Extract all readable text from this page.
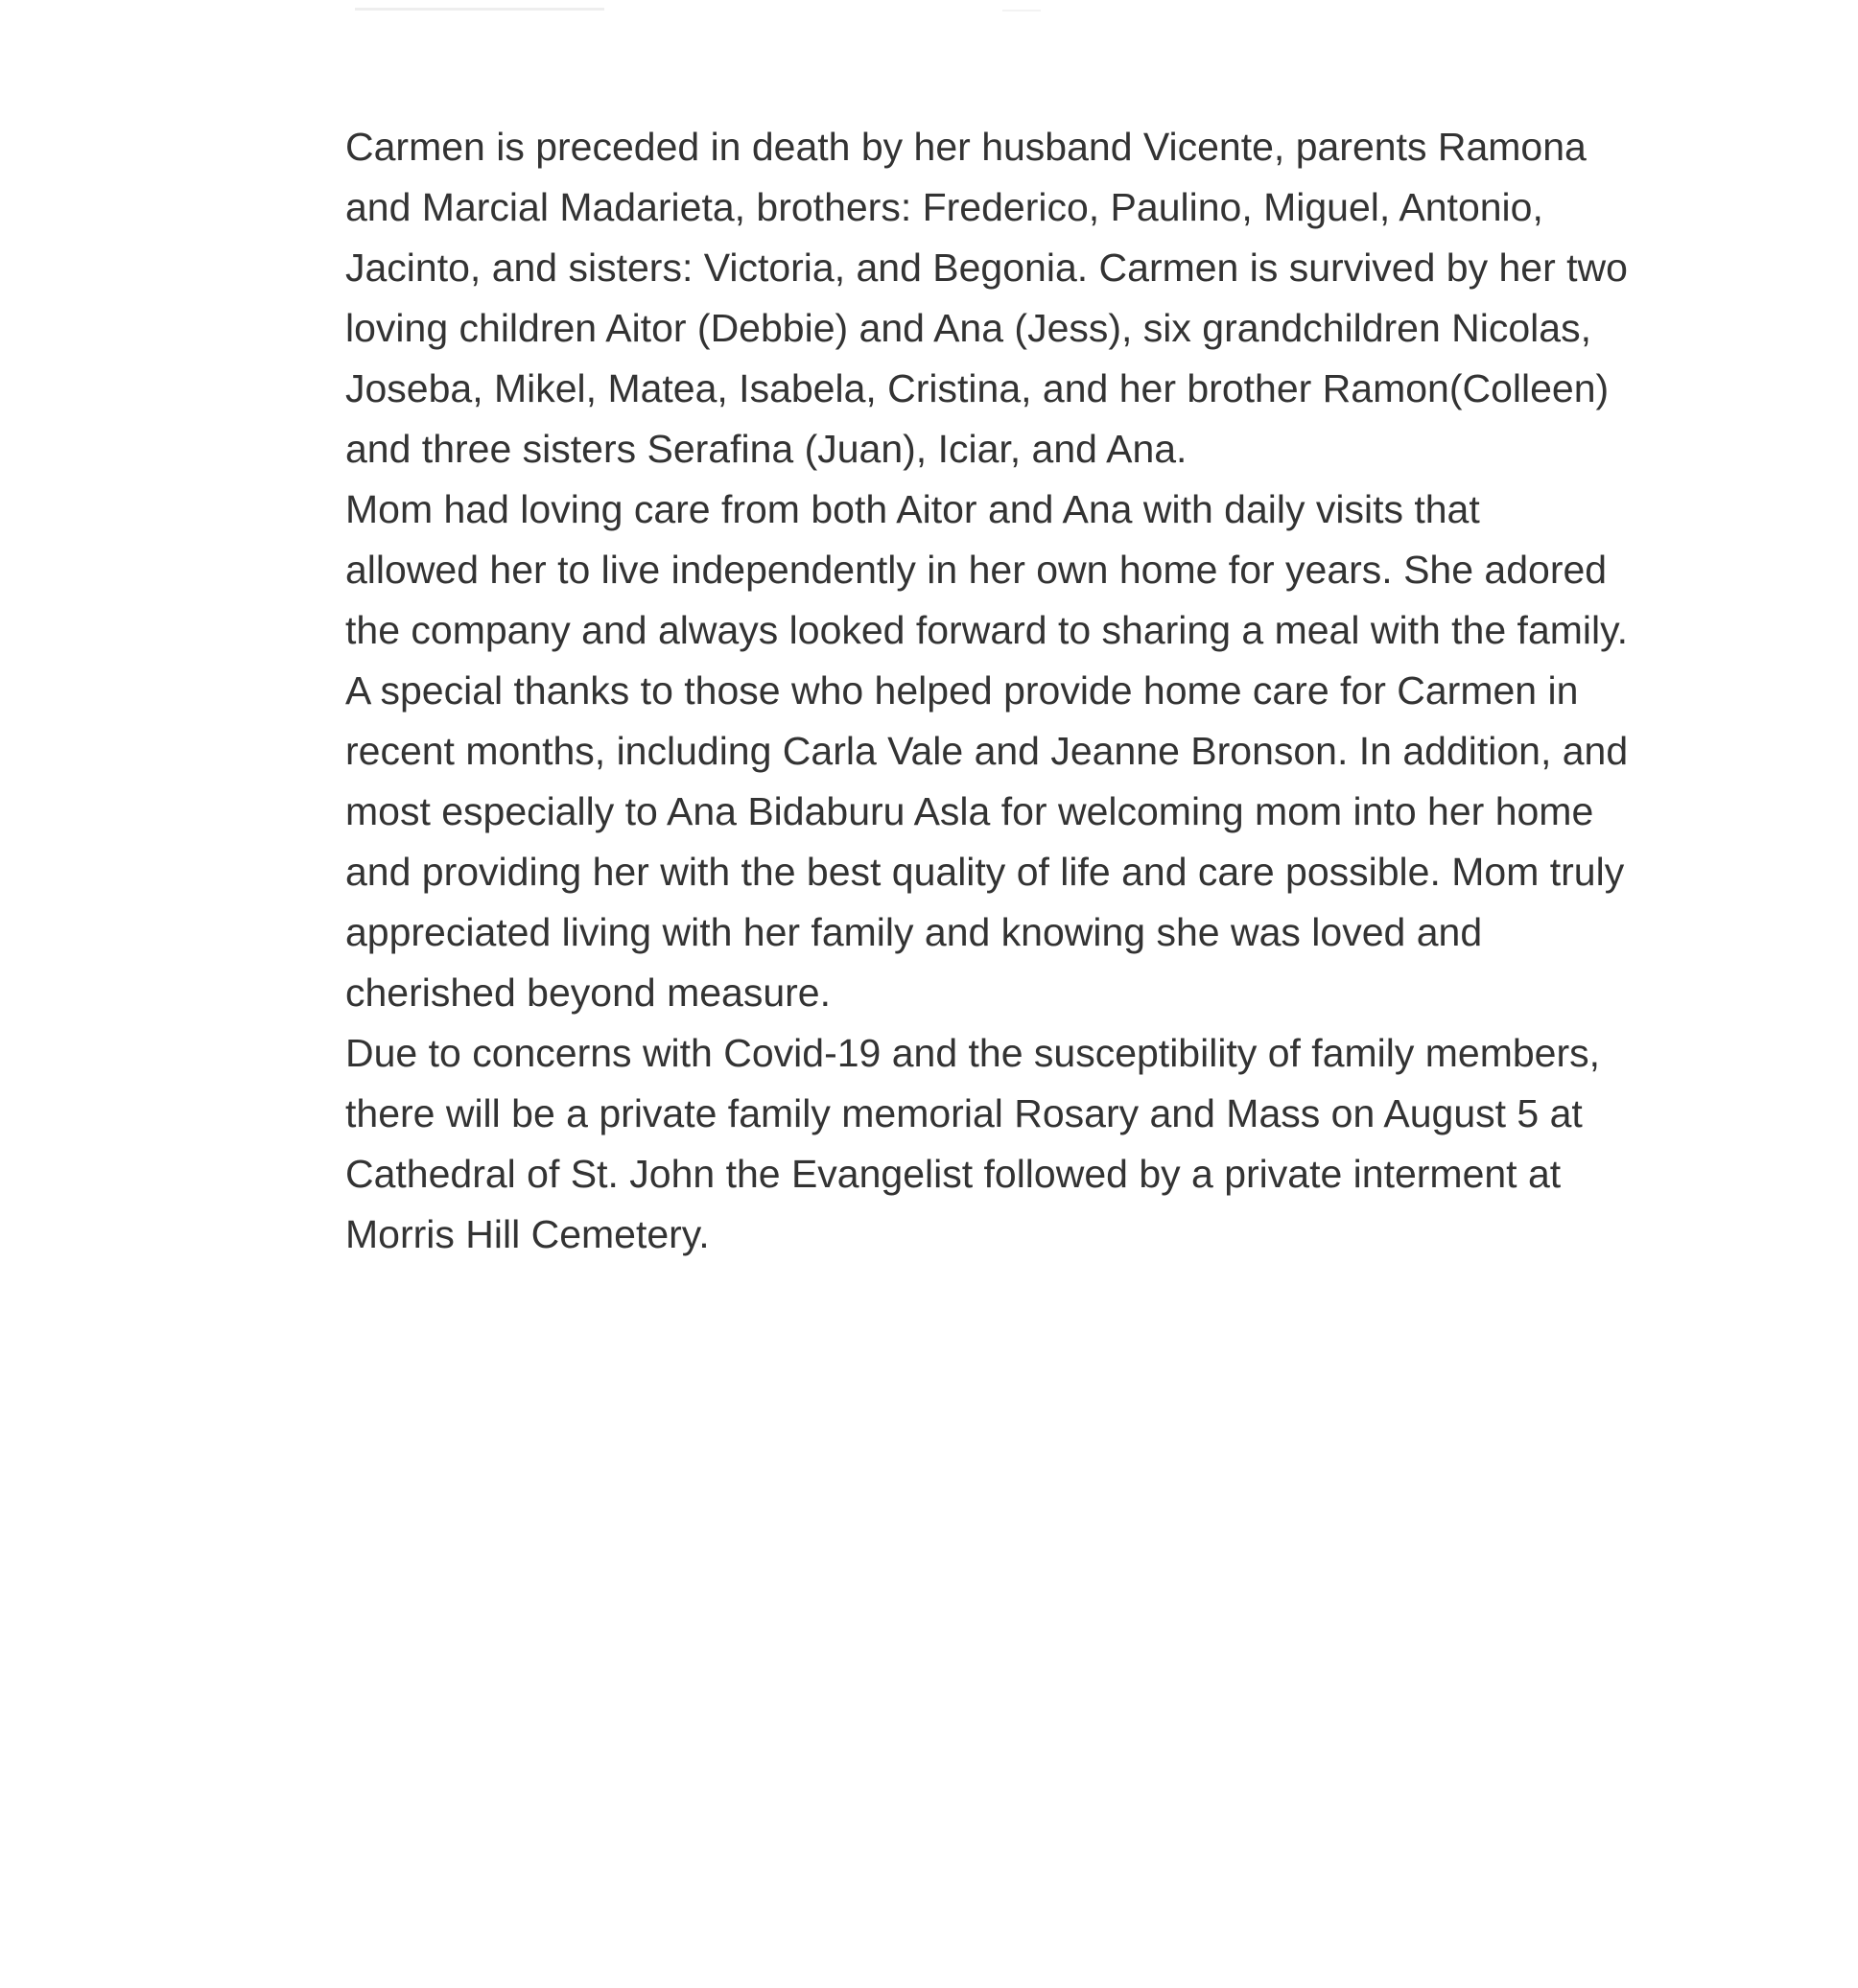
Carmen is preceded in death by her husband Vicente, parents Ramona
and Marcial Madarieta, brothers: Frederico, Paulino, Miguel, Antonio,
Jacinto, and sisters: Victoria, and Begonia. Carmen is survived by her two
loving children Aitor (Debbie) and Ana (Jess), six grandchildren Nicolas,
Joseba, Mikel, Matea, Isabela, Cristina, and her brother Ramon(Colleen)
and three sisters Serafina (Juan), Iciar, and Ana.
Mom had loving care from both Aitor and Ana with daily visits that
allowed her to live independently in her own home for years. She adored
the company and always looked forward to sharing a meal with the family.
A special thanks to those who helped provide home care for Carmen in
recent months, including Carla Vale and Jeanne Bronson. In addition, and
most especially to Ana Bidaburu Asla for welcoming mom into her home
and providing her with the best quality of life and care possible. Mom truly
appreciated living with her family and knowing she was loved and
cherished beyond measure.
Due to concerns with Covid-19 and the susceptibility of family members,
there will be a private family memorial Rosary and Mass on August 5 at
Cathedral of St. John the Evangelist followed by a private interment at
Morris Hill Cemetery.
